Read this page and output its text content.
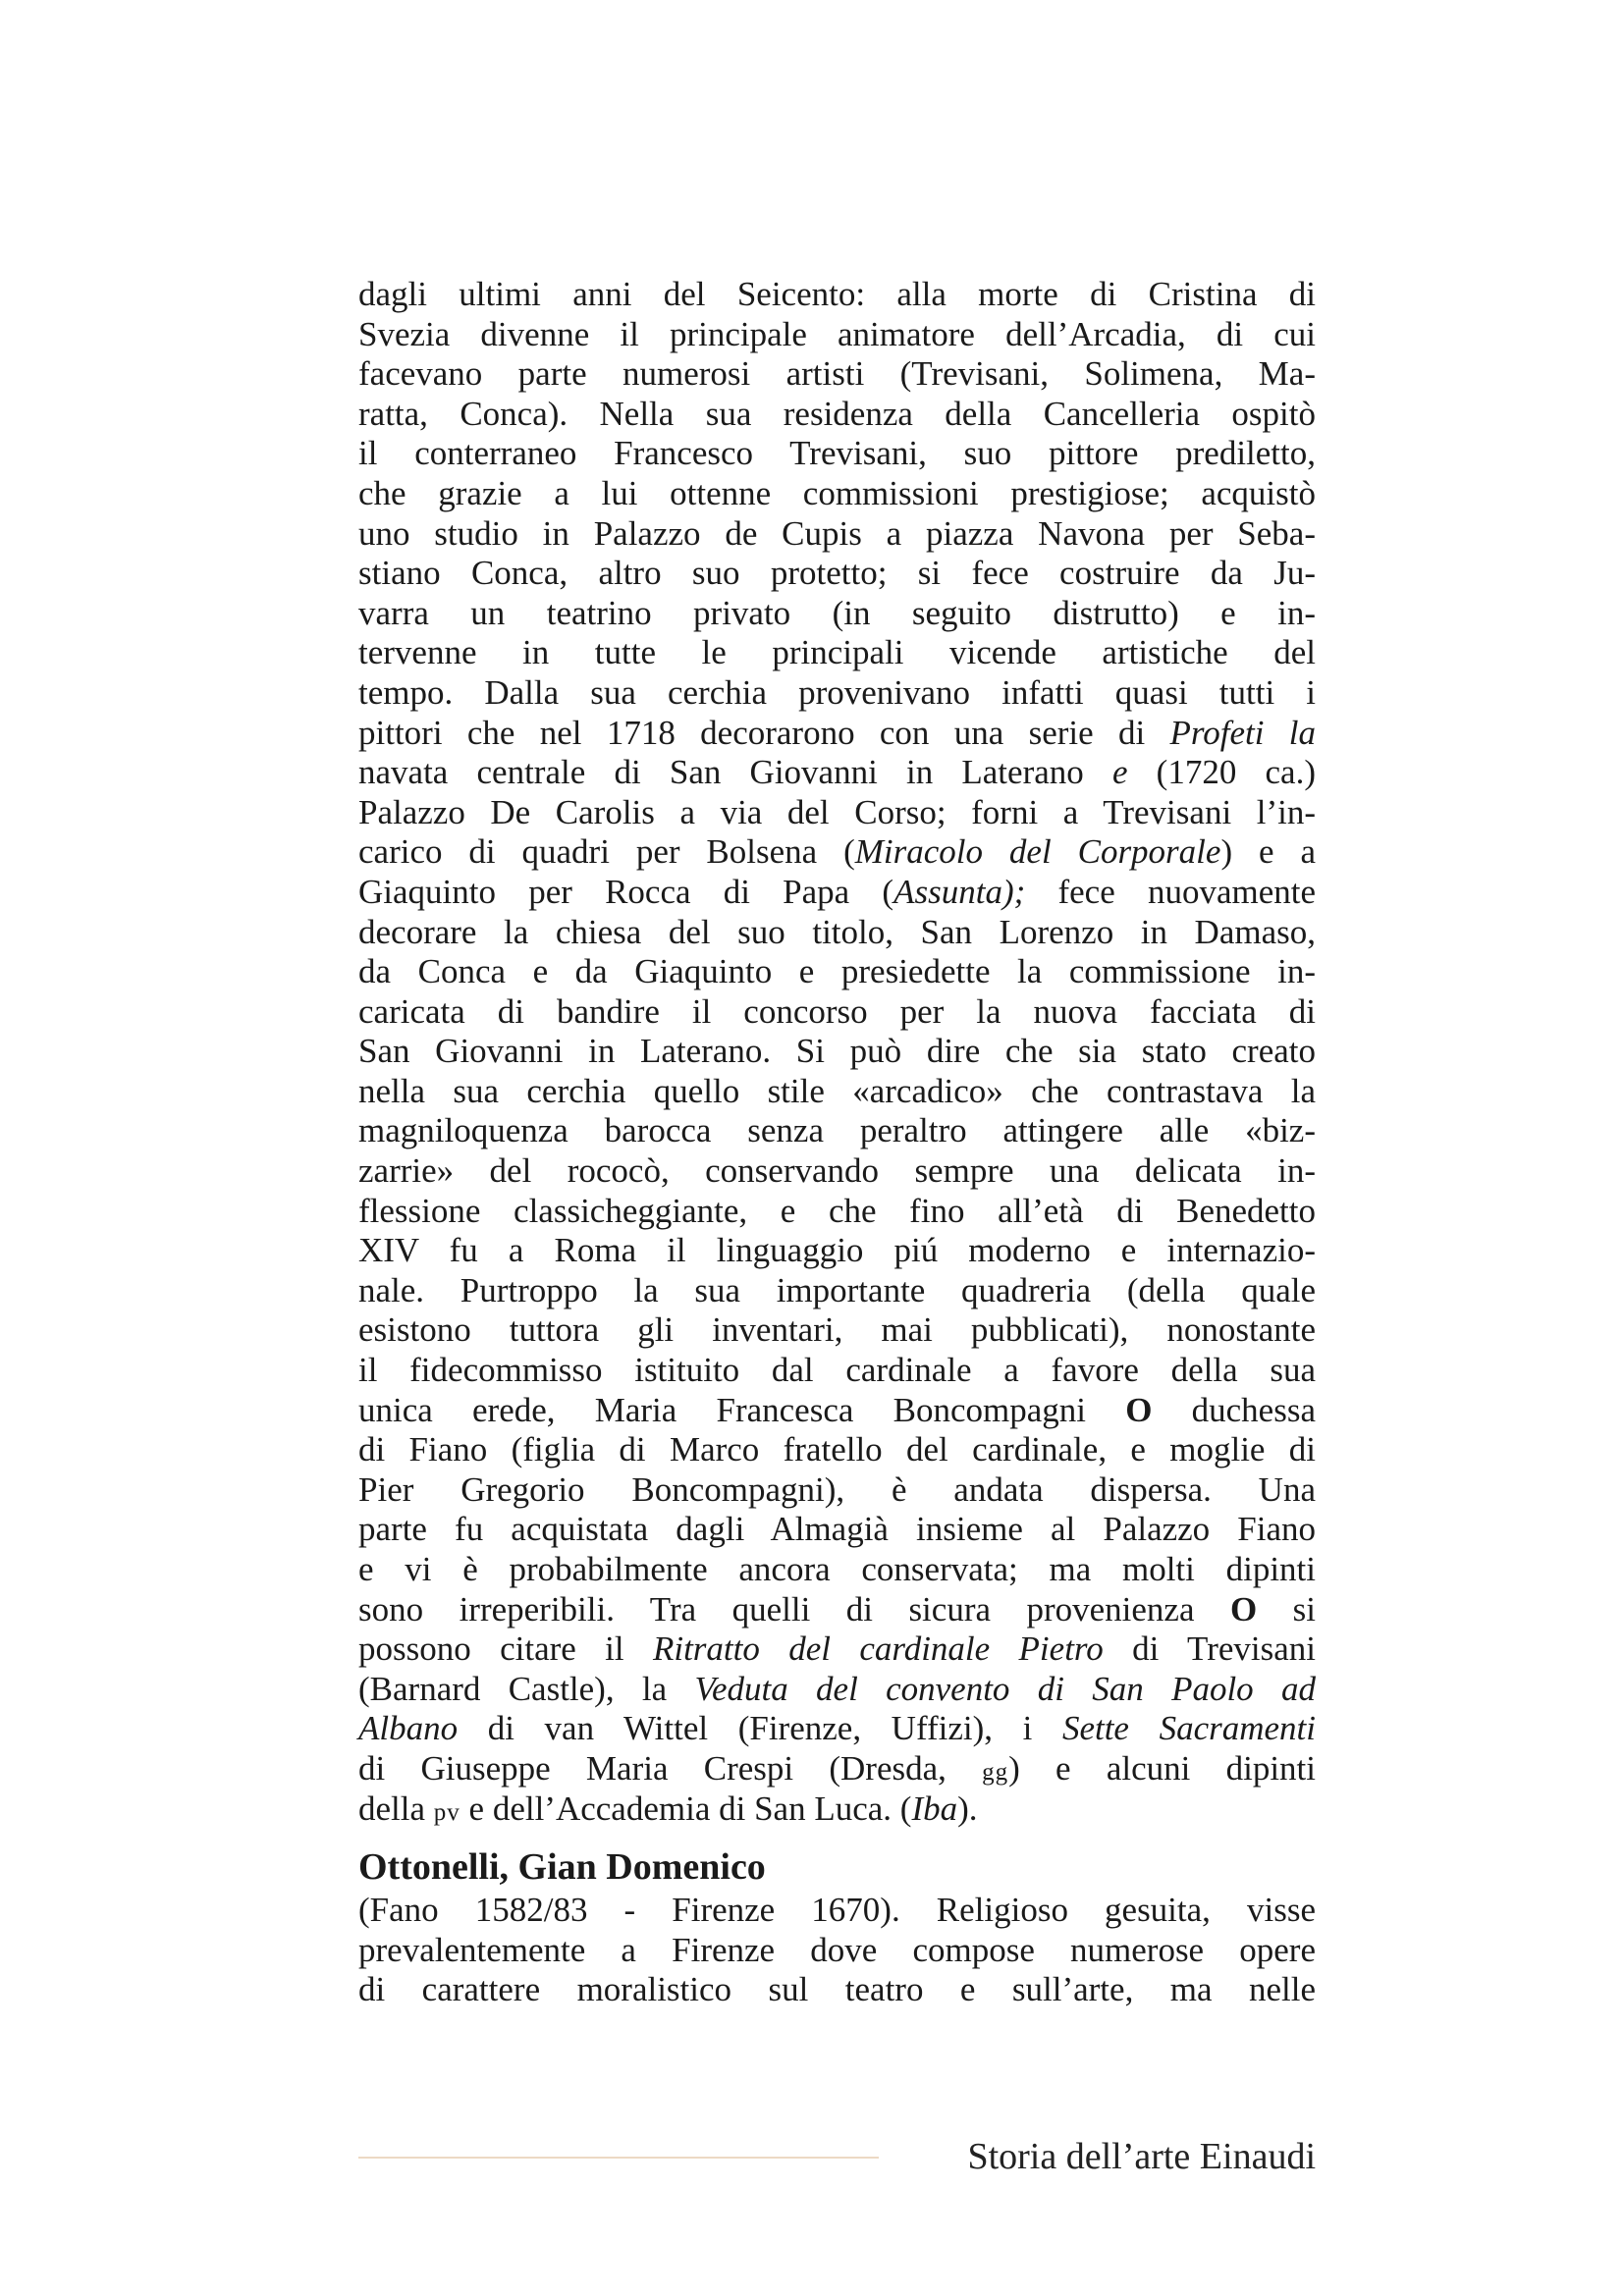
dagli ultimi anni del Seicento: alla morte di Cristina di
Svezia divenne il principale animatore dell’Arcadia, di cui
facevano parte numerosi artisti (Trevisani, Solimena, Ma-
ratta, Conca). Nella sua residenza della Cancelleria ospitò
il conterraneo Francesco Trevisani, suo pittore prediletto,
che grazie a lui ottenne commissioni prestigiose; acquistò
uno studio in Palazzo de Cupis a piazza Navona per Seba-
stiano Conca, altro suo protetto; si fece costruire da Ju-
varra un teatrino privato (in seguito distrutto) e in-
tervenne in tutte le principali vicende artistiche del
tempo. Dalla sua cerchia provenivano infatti quasi tutti i
pittori che nel 1718 decorarono con una serie di Profeti la
navata centrale di San Giovanni in Laterano e (1720 ca.)
Palazzo De Carolis a via del Corso; forni a Trevisani l’in-
carico di quadri per Bolsena (Miracolo del Corporale) e a
Giaquinto per Rocca di Papa (Assunta); fece nuovamente
decorare la chiesa del suo titolo, San Lorenzo in Damaso,
da Conca e da Giaquinto e presiedette la commissione in-
caricata di bandire il concorso per la nuova facciata di
San Giovanni in Laterano. Si può dire che sia stato creato
nella sua cerchia quello stile «arcadico» che contrastava la
magniloquenza barocca senza peraltro attingere alle «biz-
zarrie» del rococò, conservando sempre una delicata in-
flessione classicheggiante, e che fino all’età di Benedetto
XIV fu a Roma il linguaggio piú moderno e internazio-
nale. Purtroppo la sua importante quadreria (della quale
esistono tuttora gli inventari, mai pubblicati), nonostante
il fidecommisso istituito dal cardinale a favore della sua
unica erede, Maria Francesca Boncompagni O duchessa
di Fiano (figlia di Marco fratello del cardinale, e moglie di
Pier Gregorio Boncompagni), è andata dispersa. Una
parte fu acquistata dagli Almagià insieme al Palazzo Fiano
e vi è probabilmente ancora conservata; ma molti dipinti
sono irreperibili. Tra quelli di sicura provenienza O si
possono citare il Ritratto del cardinale Pietro di Trevisani
(Barnard Castle), la Veduta del convento di San Paolo ad
Albano di van Wittel (Firenze, Uffizi), i Sette Sacramenti
di Giuseppe Maria Crespi (Dresda, gg) e alcuni dipinti
della pv e dell’Accademia di San Luca. (Iba).
Ottonelli, Gian Domenico
(Fano 1582/83 - Firenze 1670). Religioso gesuita, visse
prevalentemente a Firenze dove compose numerose opere
di carattere moralistico sul teatro e sull’arte, ma nelle
Storia dell’arte Einaudi
